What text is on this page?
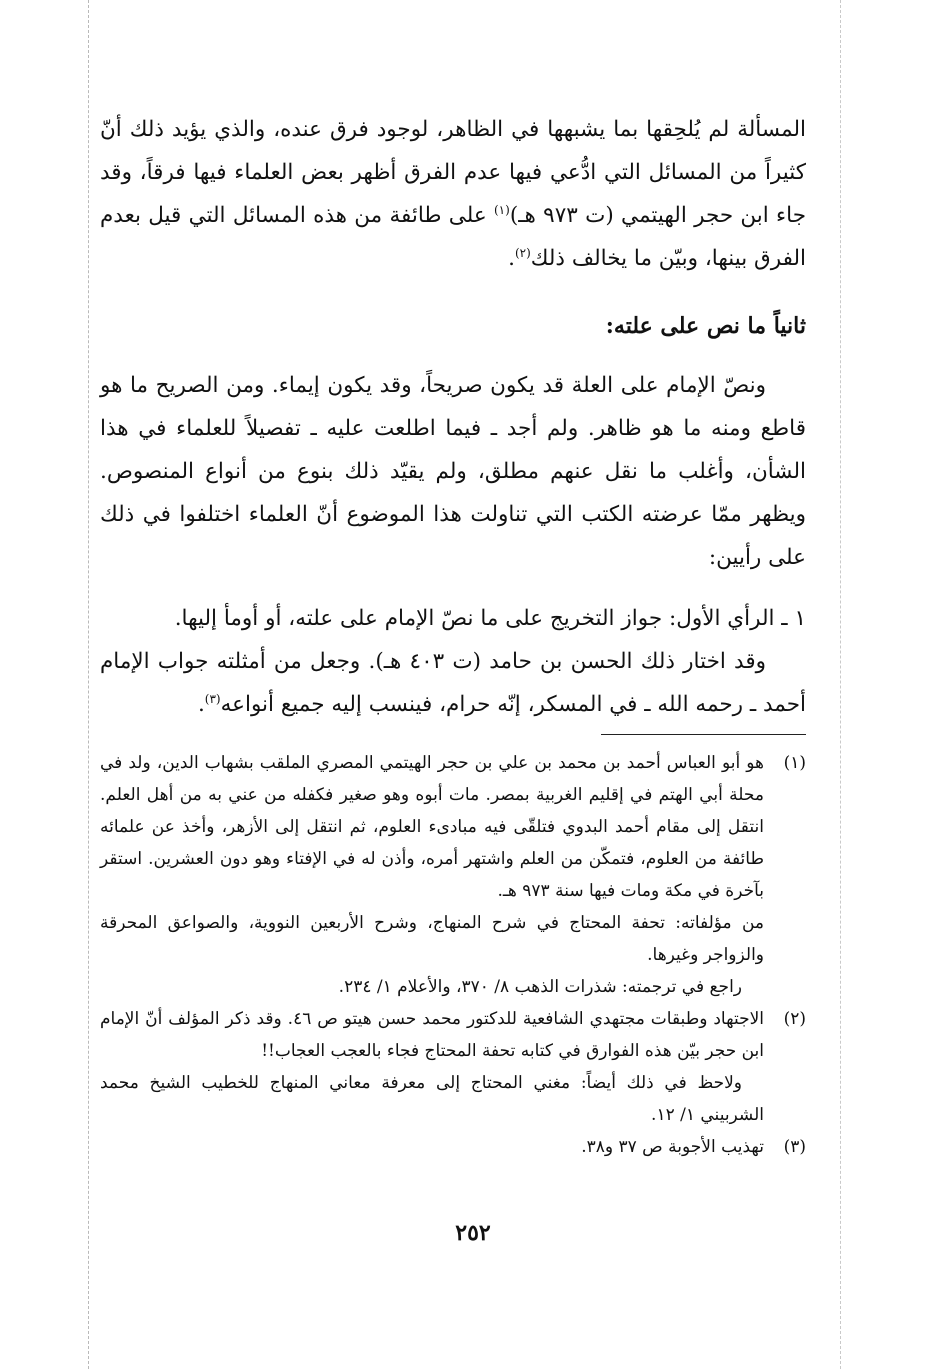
المسألة لم يُلحِقها بما يشبهها في الظاهر، لوجود فرق عنده، والذي يؤيد ذلك أنّ كثيراً من المسائل التي ادُّعي فيها عدم الفرق أظهر بعض العلماء فيها فرقاً، وقد جاء ابن حجر الهيتمي (ت ٩٧٣ هـ)$^{(١)}$ على طائفة من هذه المسائل التي قيل بعدم الفرق بينها، وبيّن ما يخالف ذلك$^{(٢)}$.

ثانياً ما نص على علته:

ونصّ الإمام على العلة قد يكون صريحاً، وقد يكون إيماء. ومن الصريح ما هو قاطع ومنه ما هو ظاهر. ولم أجد ـ فيما اطلعت عليه ـ تفصيلاً للعلماء في هذا الشأن، وأغلب ما نقل عنهم مطلق، ولم يقيّد ذلك بنوع من أنواع المنصوص. ويظهر ممّا عرضته الكتب التي تناولت هذا الموضوع أنّ العلماء اختلفوا في ذلك على رأيين:

١ ـ الرأي الأول: جواز التخريج على ما نصّ الإمام على علته، أو أومأ إليها.
وقد اختار ذلك الحسن بن حامد (ت ٤٠٣ هـ). وجعل من أمثلته جواب الإمام أحمد ـ رحمه الله ـ في المسكر، إنّه حرام، فينسب إليه جميع أنواعه$^{(٣)}$.
(١)
هو أبو العباس أحمد بن محمد بن علي بن حجر الهيتمي المصري الملقب بشهاب الدين، ولد في محلة أبي الهتم في إقليم الغربية بمصر. مات أبوه وهو صغير فكفله من عني به من أهل العلم. انتقل إلى مقام أحمد البدوي فتلقّى فيه مبادىء العلوم، ثم انتقل إلى الأزهر، وأخذ عن علمائه طائفة من العلوم، فتمكّن من العلم واشتهر أمره، وأذن له في الإفتاء وهو دون العشرين. استقر بآخرة في مكة ومات فيها سنة ٩٧٣ هـ.

من مؤلفاته: تحفة المحتاج في شرح المنهاج، وشرح الأربعين النووية، والصواعق المحرقة والزواجر وغيرها.

راجع في ترجمته: شذرات الذهب ٨/ ٣٧٠، والأعلام ١/ ٢٣٤.

(٢)
الاجتهاد وطبقات مجتهدي الشافعية للدكتور محمد حسن هيتو ص ٤٦. وقد ذكر المؤلف أنّ الإمام ابن حجر بيّن هذه الفوارق في كتابه تحفة المحتاج فجاء بالعجب العجاب!!

ولاحظ في ذلك أيضاً: مغني المحتاج إلى معرفة معاني المنهاج للخطيب الشيخ محمد الشربيني ١/ ١٢.

(٣)
تهذيب الأجوبة ص ٣٧ و٣٨.
٢٥٢
